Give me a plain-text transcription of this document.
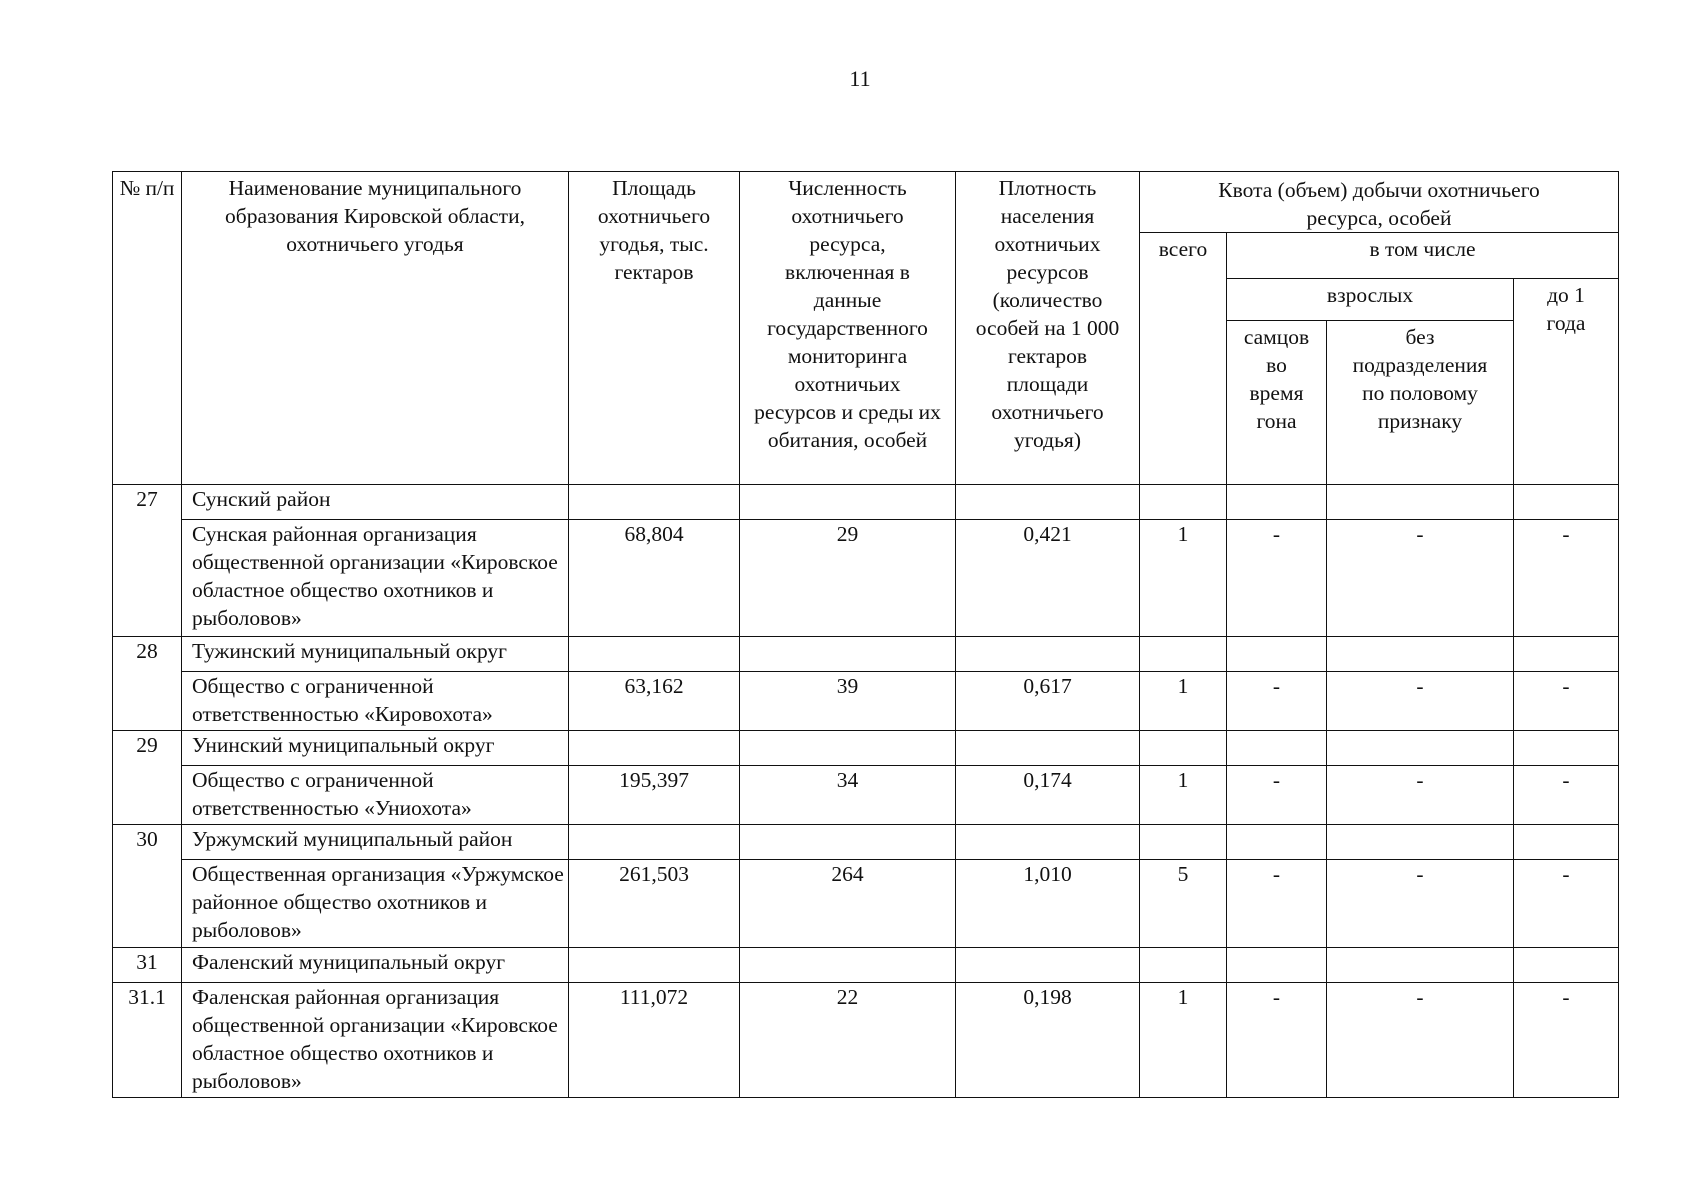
11
№ п/п	Наименование муниципального образования Кировской области, охотничьего угодья	Площадь охотничьего угодья, тыс. гектаров	Численность охотничьего ресурса, включенная в данные государственного мониторинга охотничьих ресурсов и среды их обитания, особей	Плотность населения охотничьих ресурсов (количество особей на 1 000 гектаров площади охотничьего угодья)	Квота (объем) добычи охотничьего ресурса, особей			
					всего	в том числе		
						взрослых		до 1 года
						самцов во время гона	без подразделения по половому признаку	
27	Сунский район							
	Сунская районная организация общественной организации «Кировское областное общество охотников и рыболовов»	68,804	29	0,421	1	-	-	-
28	Тужинский муниципальный округ							
	Общество с ограниченной ответственностью «Кировохота»	63,162	39	0,617	1	-	-	-
29	Унинский муниципальный округ							
	Общество с ограниченной ответственностью «Униохота»	195,397	34	0,174	1	-	-	-
30	Уржумский муниципальный район							
	Общественная организация «Уржумское районное общество охотников и рыболовов»	261,503	264	1,010	5	-	-	-
31	Фаленский муниципальный округ							
31.1	Фаленская районная организация общественной организации «Кировское областное общество охотников и рыболовов»	111,072	22	0,198	1	-	-	-
